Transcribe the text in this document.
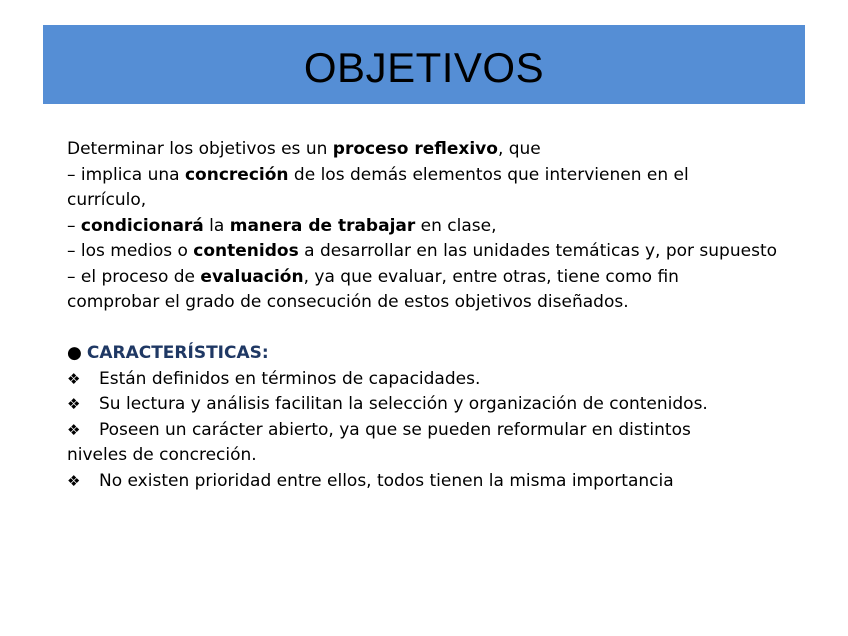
OBJETIVOS

Determinar los objetivos es un proceso reflexivo, que

– implica una concreción de los demás elementos que intervienen en el

currículo,

– condicionará la manera de trabajar en clase,

– los medios o contenidos a desarrollar en las unidades temáticas y, por supuesto

– el proceso de evaluación, ya que evaluar, entre otras, tiene como fin

comprobar el grado de consecución de estos objetivos diseñados.

● CARACTERÍSTICAS:

❖ Están definidos en términos de capacidades.

❖ Su lectura y análisis facilitan la selección y organización de contenidos.

❖ Poseen un carácter abierto, ya que se pueden reformular en distintos

niveles de concreción.

❖ No existen prioridad entre ellos, todos tienen la misma importancia
